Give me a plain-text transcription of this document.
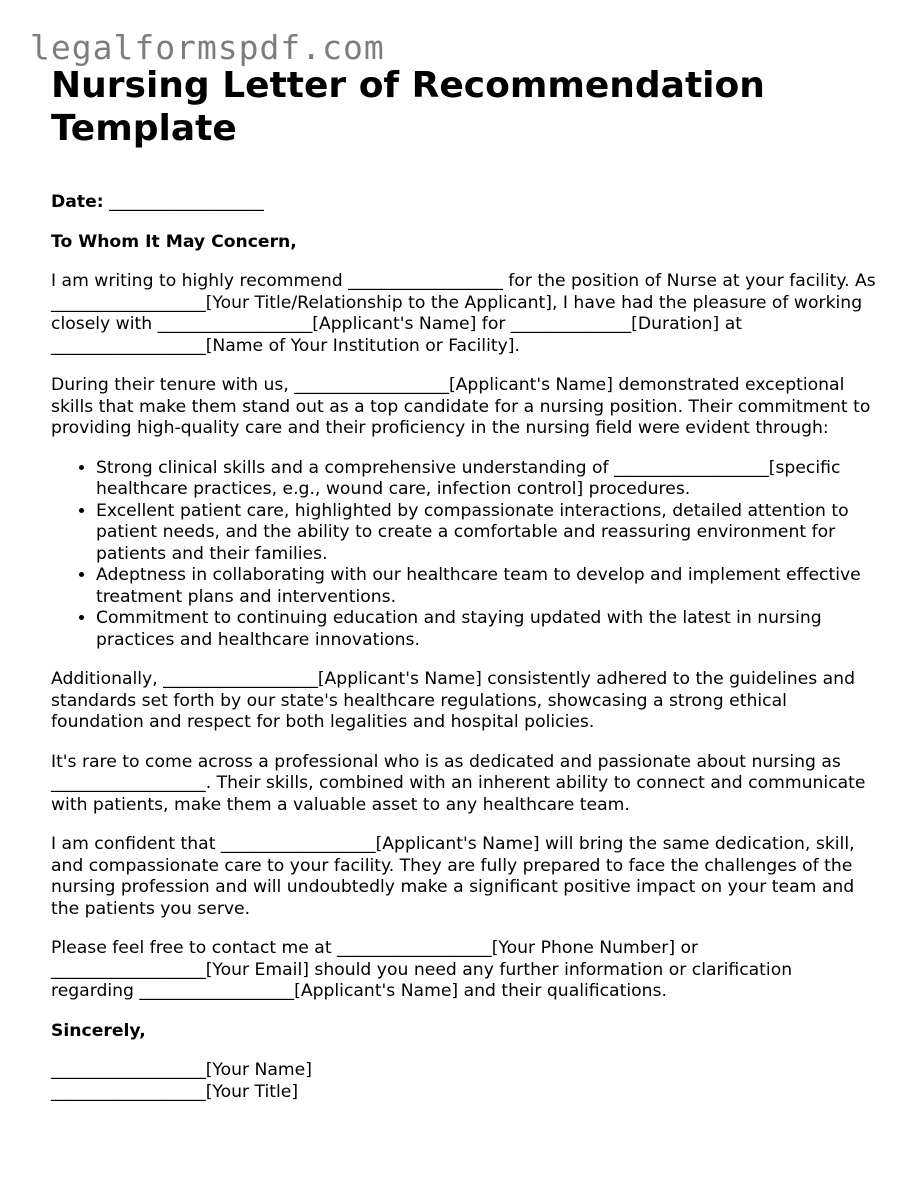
legalformspdf.com
Nursing Letter of Recommendation Template

Date: __________________

To Whom It May Concern,

I am writing to highly recommend __________________ for the position of Nurse at your facility. As __________________[Your Title/Relationship to the Applicant], I have had the pleasure of working closely with __________________[Applicant's Name] for ______________[Duration] at __________________[Name of Your Institution or Facility].

During their tenure with us, __________________[Applicant's Name] demonstrated exceptional skills that make them stand out as a top candidate for a nursing position. Their commitment to providing high-quality care and their proficiency in the nursing field were evident through:

• Strong clinical skills and a comprehensive understanding of __________________[specific healthcare practices, e.g., wound care, infection control] procedures.
• Excellent patient care, highlighted by compassionate interactions, detailed attention to patient needs, and the ability to create a comfortable and reassuring environment for patients and their families.
• Adeptness in collaborating with our healthcare team to develop and implement effective treatment plans and interventions.
• Commitment to continuing education and staying updated with the latest in nursing practices and healthcare innovations.

Additionally, __________________[Applicant's Name] consistently adhered to the guidelines and standards set forth by our state's healthcare regulations, showcasing a strong ethical foundation and respect for both legalities and hospital policies.

It's rare to come across a professional who is as dedicated and passionate about nursing as __________________. Their skills, combined with an inherent ability to connect and communicate with patients, make them a valuable asset to any healthcare team.

I am confident that __________________[Applicant's Name] will bring the same dedication, skill, and compassionate care to your facility. They are fully prepared to face the challenges of the nursing profession and will undoubtedly make a significant positive impact on your team and the patients you serve.

Please feel free to contact me at __________________[Your Phone Number] or __________________[Your Email] should you need any further information or clarification regarding __________________[Applicant's Name] and their qualifications.

Sincerely,

__________________[Your Name]

__________________[Your Title]
